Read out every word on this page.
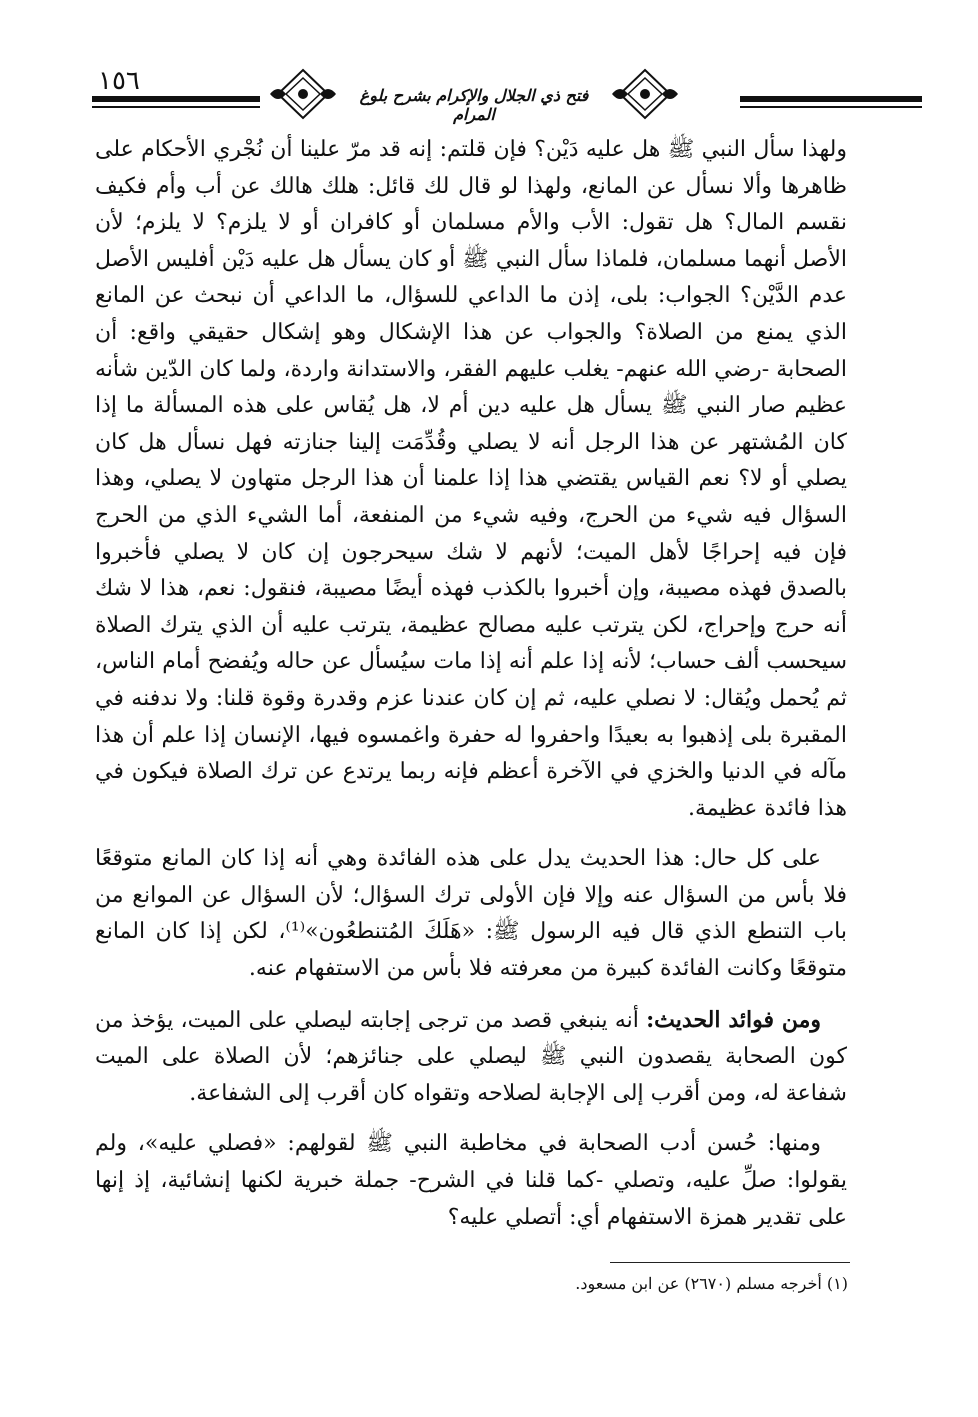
١٥٦	فتح ذي الجلال والإكرام بشرح بلوغ المرام

ولهذا سأل النبي ﷺ هل عليه دَيْن؟ فإن قلتم: إنه قد مرّ علينا أن نُجْري الأحكام على ظاهرها وألا نسأل عن المانع، ولهذا لو قال لك قائل: هلك هالك عن أب وأم فكيف نقسم المال؟ هل تقول: الأب والأم مسلمان أو كافران أو لا يلزم؟ لا يلزم؛ لأن الأصل أنهما مسلمان، فلماذا سأل النبي ﷺ أو كان يسأل هل عليه دَيْن أفليس الأصل عدم الدَّيْن؟ الجواب: بلى، إذن ما الداعي للسؤال، ما الداعي أن نبحث عن المانع الذي يمنع من الصلاة؟ والجواب عن هذا الإشكال وهو إشكال حقيقي واقع: أن الصحابة -رضي الله عنهم- يغلب عليهم الفقر، والاستدانة واردة، ولما كان الدّين شأنه عظيم صار النبي ﷺ يسأل هل عليه دين أم لا، هل يُقاس على هذه المسألة ما إذا كان المُشتهر عن هذا الرجل أنه لا يصلي وقُدِّمَت إلينا جنازته فهل نسأل هل كان يصلي أو لا؟ نعم القياس يقتضي هذا إذا علمنا أن هذا الرجل متهاون لا يصلي، وهذا السؤال فيه شيء من الحرج، وفيه شيء من المنفعة، أما الشيء الذي من الحرج فإن فيه إحراجًا لأهل الميت؛ لأنهم لا شك سيحرجون إن كان لا يصلي فأخبروا بالصدق فهذه مصيبة، وإن أخبروا بالكذب فهذه أيضًا مصيبة، فنقول: نعم، هذا لا شك أنه حرج وإحراج، لكن يترتب عليه مصالح عظيمة، يترتب عليه أن الذي يترك الصلاة سيحسب ألف حساب؛ لأنه إذا علم أنه إذا مات سيُسأل عن حاله ويُفضح أمام الناس، ثم يُحمل ويُقال: لا نصلي عليه، ثم إن كان عندنا عزم وقدرة وقوة قلنا: ولا ندفنه في المقبرة بلى إذهبوا به بعيدًا واحفروا له حفرة واغمسوه فيها، الإنسان إذا علم أن هذا مآله في الدنيا والخزي في الآخرة أعظم فإنه ربما يرتدع عن ترك الصلاة فيكون في هذا فائدة عظيمة.

على كل حال: هذا الحديث يدل على هذه الفائدة وهي أنه إذا كان المانع متوقعًا فلا بأس من السؤال عنه وإلا فإن الأولى ترك السؤال؛ لأن السؤال عن الموانع من باب التنطع الذي قال فيه الرسول ﷺ: «هَلَكَ المُتنطعُون»⁽¹⁾، لكن إذا كان المانع متوقعًا وكانت الفائدة كبيرة من معرفته فلا بأس من الاستفهام عنه.

ومن فوائد الحديث: أنه ينبغي قصد من ترجى إجابته ليصلي على الميت، يؤخذ من كون الصحابة يقصدون النبي ﷺ ليصلي على جنائزهم؛ لأن الصلاة على الميت شفاعة له، ومن أقرب إلى الإجابة لصلاحه وتقواه كان أقرب إلى الشفاعة.

ومنها: حُسن أدب الصحابة في مخاطبة النبي ﷺ لقولهم: «فصلي عليه»، ولم يقولوا: صلِّ عليه، وتصلي -كما قلنا في الشرح- جملة خبرية لكنها إنشائية، إذ إنها على تقدير همزة الاستفهام أي: أتصلي عليه؟

(١) أخرجه مسلم (٢٦٧٠) عن ابن مسعود.
